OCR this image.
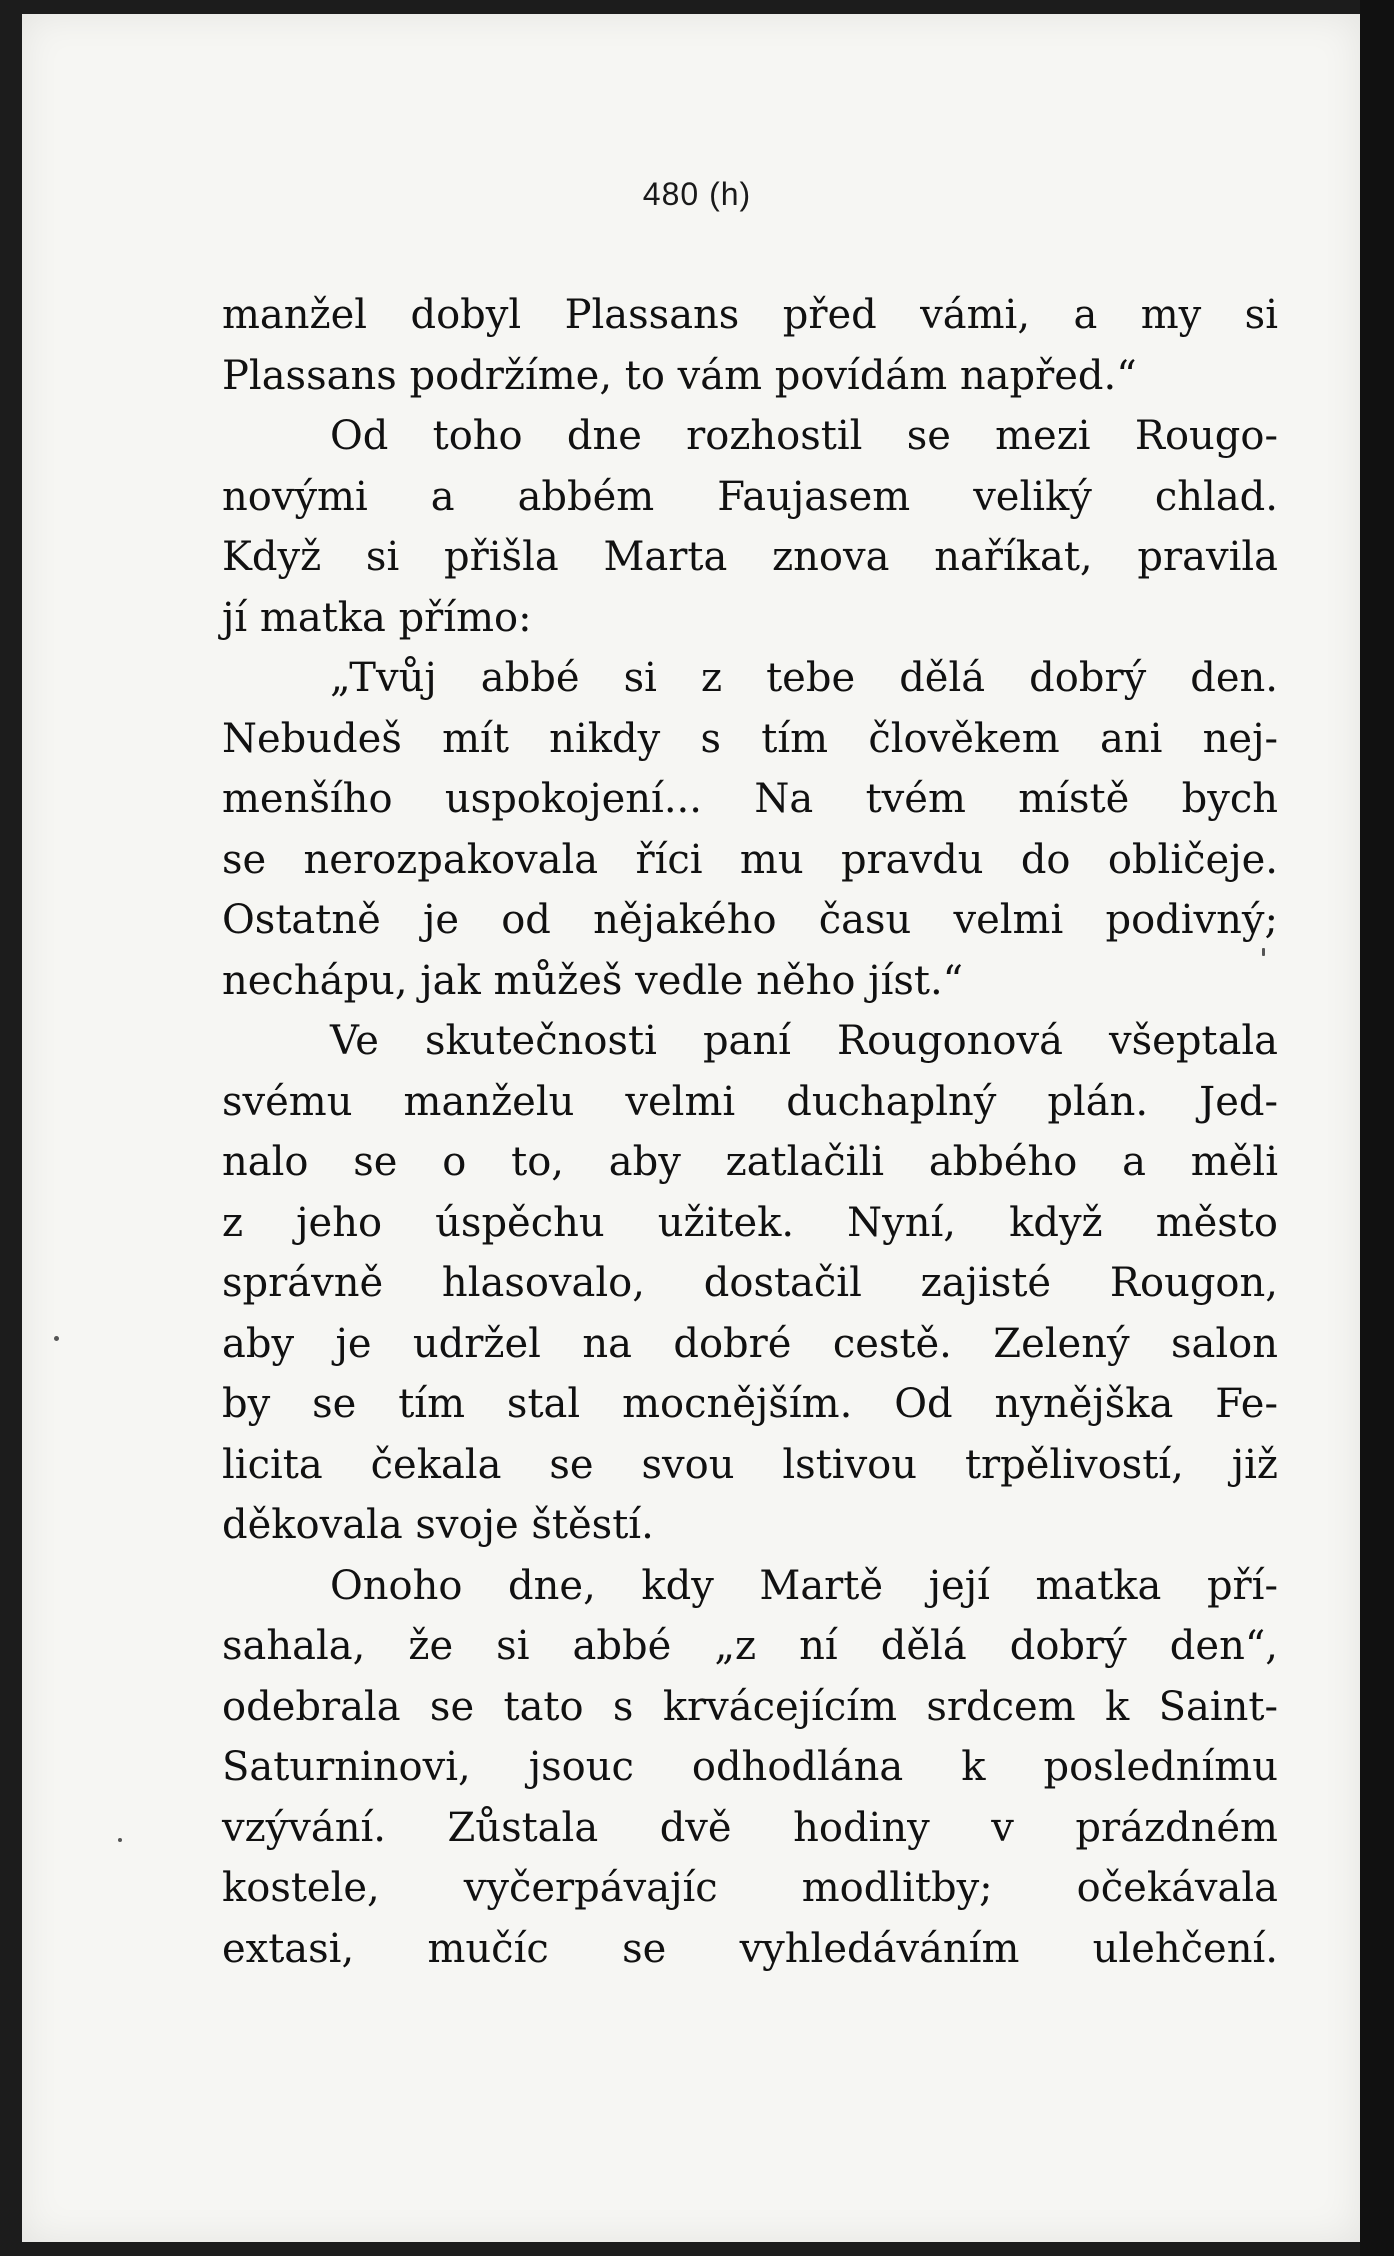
480 (h)
manžel dobyl Plassans před vámi, a my si
Plassans podržíme, to vám povídám napřed.“
Od toho dne rozhostil se mezi Rougo-
novými a abbém Faujasem veliký chlad.
Když si přišla Marta znova naříkat, pravila
jí matka přímo:
„Tvůj abbé si z tebe dělá dobrý den.
Nebudeš mít nikdy s tím člověkem ani nej-
menšího uspokojení... Na tvém místě bych
se nerozpakovala říci mu pravdu do obličeje.
Ostatně je od nějakého času velmi podivný;
nechápu, jak můžeš vedle něho jíst.“
Ve skutečnosti paní Rougonová všeptala
svému manželu velmi duchaplný plán. Jed-
nalo se o to, aby zatlačili abbého a měli
z jeho úspěchu užitek. Nyní, když město
správně hlasovalo, dostačil zajisté Rougon,
aby je udržel na dobré cestě. Zelený salon
by se tím stal mocnějším. Od nynějška Fe-
licita čekala se svou lstivou trpělivostí, již
děkovala svoje štěstí.
Onoho dne, kdy Martě její matka pří-
sahala, že si abbé „z ní dělá dobrý den“,
odebrala se tato s krvácejícím srdcem k Saint-
Saturninovi, jsouc odhodlána k poslednímu
vzývání. Zůstala dvě hodiny v prázdném
kostele, vyčerpávajíc modlitby; očekávala
extasi, mučíc se vyhledáváním ulehčení.
